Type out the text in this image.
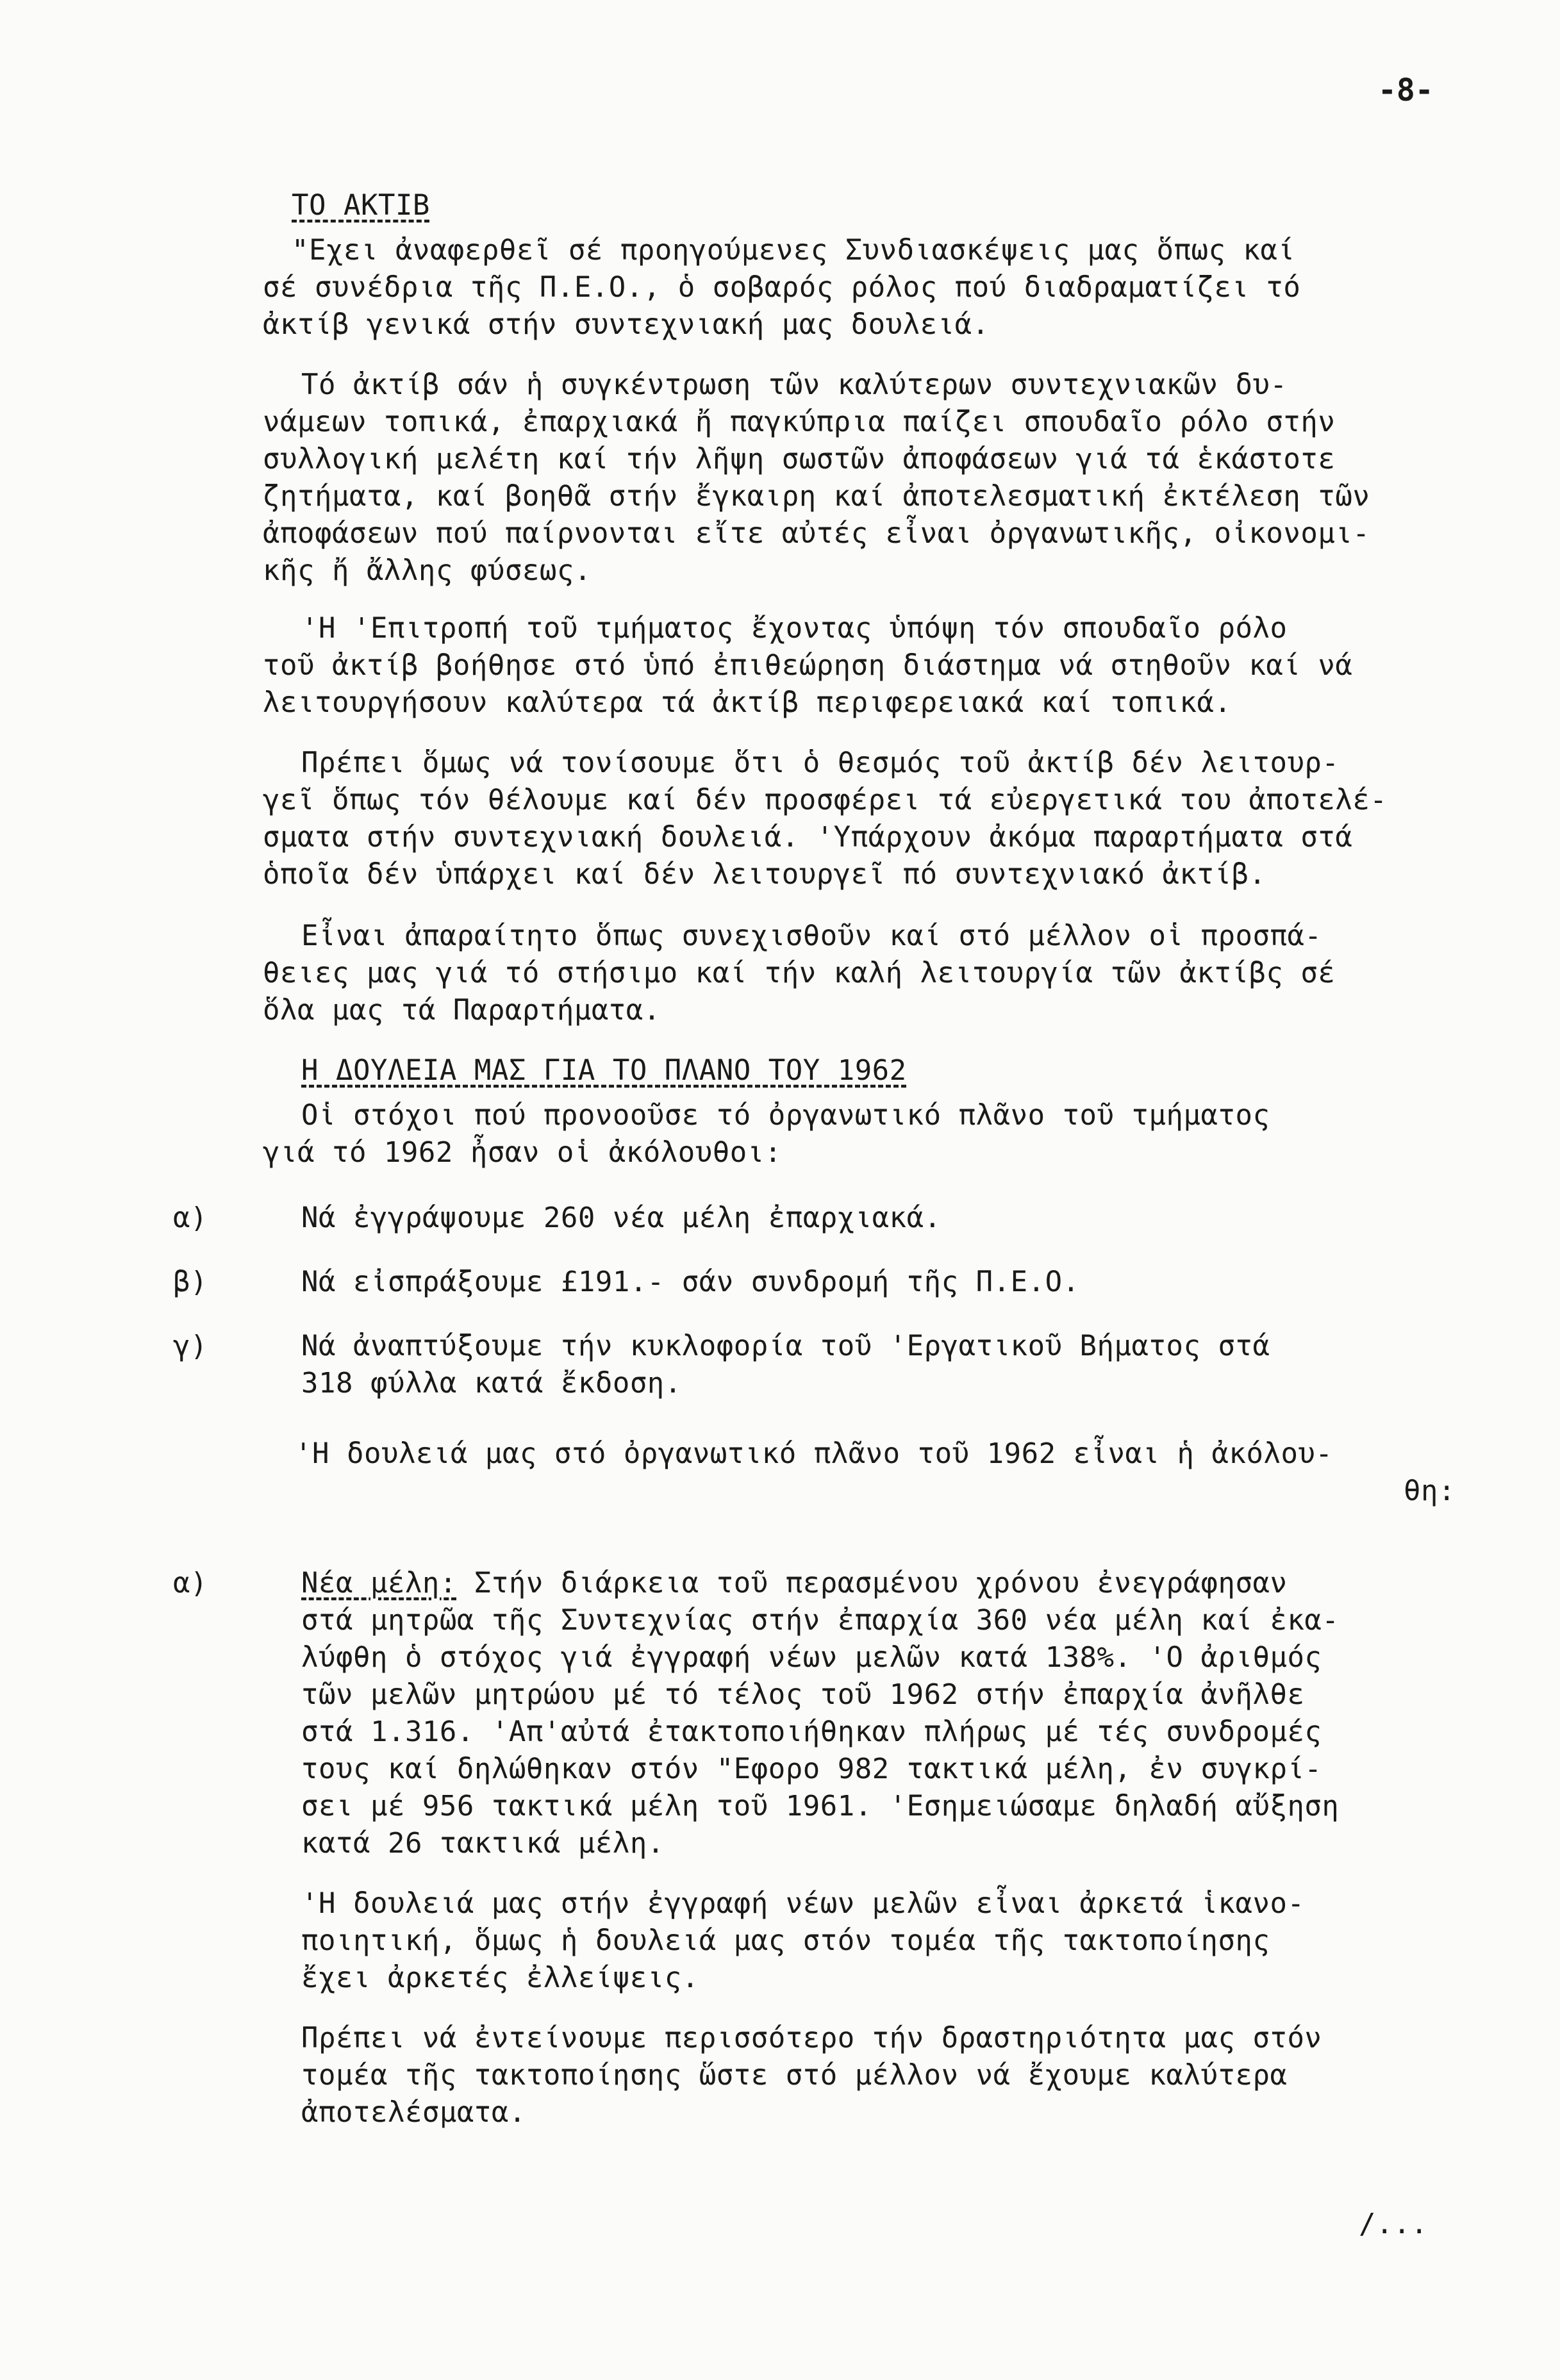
-8-
ΤΟ ΑΚΤΙΒ
"Εχει ἀναφερθεῖ σέ προηγούμενες Συνδιασκέψεις μας ὅπως καί
σέ συνέδρια τῆς Π.Ε.Ο., ὁ σοβαρός ρόλος πού διαδραματίζει τό
ἀκτίβ γενικά στήν συντεχνιακή μας δουλειά.
Τό ἀκτίβ σάν ἡ συγκέντρωση τῶν καλύτερων συντεχνιακῶν δυ-
νάμεων τοπικά, ἐπαρχιακά ἤ παγκύπρια παίζει σπουδαῖο ρόλο στήν
συλλογική μελέτη καί τήν λῆψη σωστῶν ἀποφάσεων γιά τά ἑκάστοτε
ζητήματα, καί βοηθᾶ στήν ἔγκαιρη καί ἀποτελεσματική ἐκτέλεση τῶν
ἀποφάσεων πού παίρνονται εἴτε αὐτές εἶναι ὀργανωτικῆς, οἰκονομι-
κῆς ἤ ἄλλης φύσεως.
'Η 'Επιτροπή τοῦ τμήματος ἔχοντας ὑπόψη τόν σπουδαῖο ρόλο
τοῦ ἀκτίβ βοήθησε στό ὑπό ἐπιθεώρηση διάστημα νά στηθοῦν καί νά
λειτουργήσουν καλύτερα τά ἀκτίβ περιφερειακά καί τοπικά.
Πρέπει ὅμως νά τονίσουμε ὅτι ὁ θεσμός τοῦ ἀκτίβ δέν λειτουρ-
γεῖ ὅπως τόν θέλουμε καί δέν προσφέρει τά εὐεργετικά του ἀποτελέ-
σματα στήν συντεχνιακή δουλειά. 'Υπάρχουν ἀκόμα παραρτήματα στά
ὁποῖα δέν ὑπάρχει καί δέν λειτουργεῖ πό συντεχνιακό ἀκτίβ.
Εἶναι ἀπαραίτητο ὅπως συνεχισθοῦν καί στό μέλλον οἱ προσπά-
θειες μας γιά τό στήσιμο καί τήν καλή λειτουργία τῶν ἀκτίβς σέ
ὅλα μας τά Παραρτήματα.
Η ΔΟΥΛΕΙΑ ΜΑΣ ΓΙΑ ΤΟ ΠΛΑΝΟ ΤΟΥ 1962
Οἱ στόχοι πού προνοοῦσε τό ὀργανωτικό πλᾶνο τοῦ τμήματος
γιά τό 1962 ἦσαν οἱ ἀκόλουθοι:
α)	Νά ἐγγράψουμε 260 νέα μέλη ἐπαρχιακά.
β)	Νά εἰσπράξουμε £191.- σάν συνδρομή τῆς Π.Ε.Ο.
γ)	Νά ἀναπτύξουμε τήν κυκλοφορία τοῦ 'Εργατικοῦ Βήματος στά
318 φύλλα κατά ἔκδοση.
'Η δουλειά μας στό ὀργανωτικό πλᾶνο τοῦ 1962 εἶναι ἡ ἀκόλου-
θη:
α)	Νέα μέλη: Στήν διάρκεια τοῦ περασμένου χρόνου ἐνεγράφησαν
στά μητρῶα τῆς Συντεχνίας στήν ἐπαρχία 360 νέα μέλη καί ἐκα-
λύφθη ὁ στόχος γιά ἐγγραφή νέων μελῶν κατά 138%. 'Ο ἀριθμός
τῶν μελῶν μητρώου μέ τό τέλος τοῦ 1962 στήν ἐπαρχία ἀνῆλθε
στά 1.316. 'Απ'αὐτά ἐτακτοποιήθηκαν πλήρως μέ τές συνδρομές
τους καί δηλώθηκαν στόν "Εφορο 982 τακτικά μέλη, ἐν συγκρί-
σει μέ 956 τακτικά μέλη τοῦ 1961. 'Εσημειώσαμε δηλαδή αὔξηση
κατά 26 τακτικά μέλη.
'Η δουλειά μας στήν ἐγγραφή νέων μελῶν εἶναι ἀρκετά ἱκανο-
ποιητική, ὅμως ἡ δουλειά μας στόν τομέα τῆς τακτοποίησης
ἔχει ἀρκετές ἐλλείψεις.
Πρέπει νά ἐντείνουμε περισσότερο τήν δραστηριότητα μας στόν
τομέα τῆς τακτοποίησης ὥστε στό μέλλον νά ἔχουμε καλύτερα
ἀποτελέσματα.
/...
